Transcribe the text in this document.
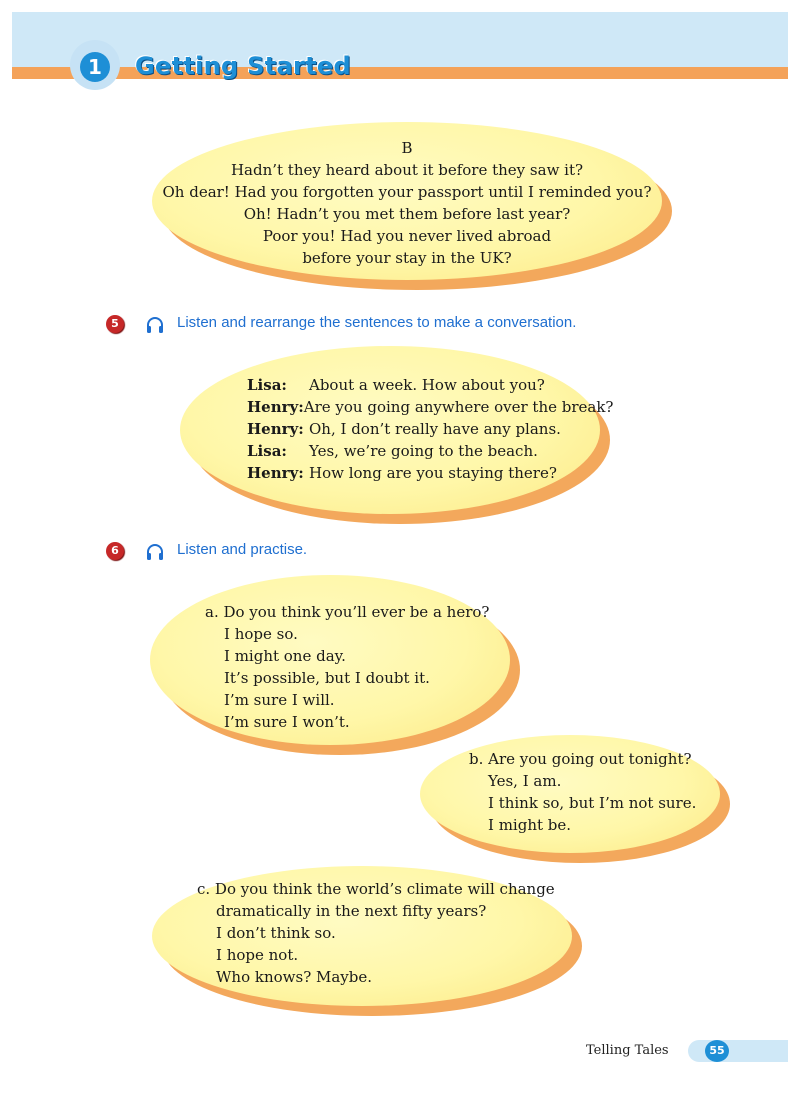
1	Getting Started
B
Hadn’t they heard about it before they saw it?
Oh dear! Had you forgotten your passport until I reminded you?
Oh! Hadn’t you met them before last year?
Poor you! Had you never lived abroad
before your stay in the UK?
5	Listen and rearrange the sentences to make a conversation.
Lisa:	About a week. How about you?
Henry: Are you going anywhere over the break?
Henry: Oh, I don’t really have any plans.
Lisa:	Yes, we’re going to the beach.
Henry: How long are you staying there?
6	Listen and practise.
a. Do you think you’ll ever be a hero?
I hope so.
I might one day.
It’s possible, but I doubt it.
I’m sure I will.
I’m sure I won’t.
b. Are you going out tonight?
Yes, I am.
I think so, but I’m not sure.
I might be.
c. Do you think the world’s climate will change
dramatically in the next fifty years?
I don’t think so.
I hope not.
Who knows? Maybe.
Telling Tales	55
